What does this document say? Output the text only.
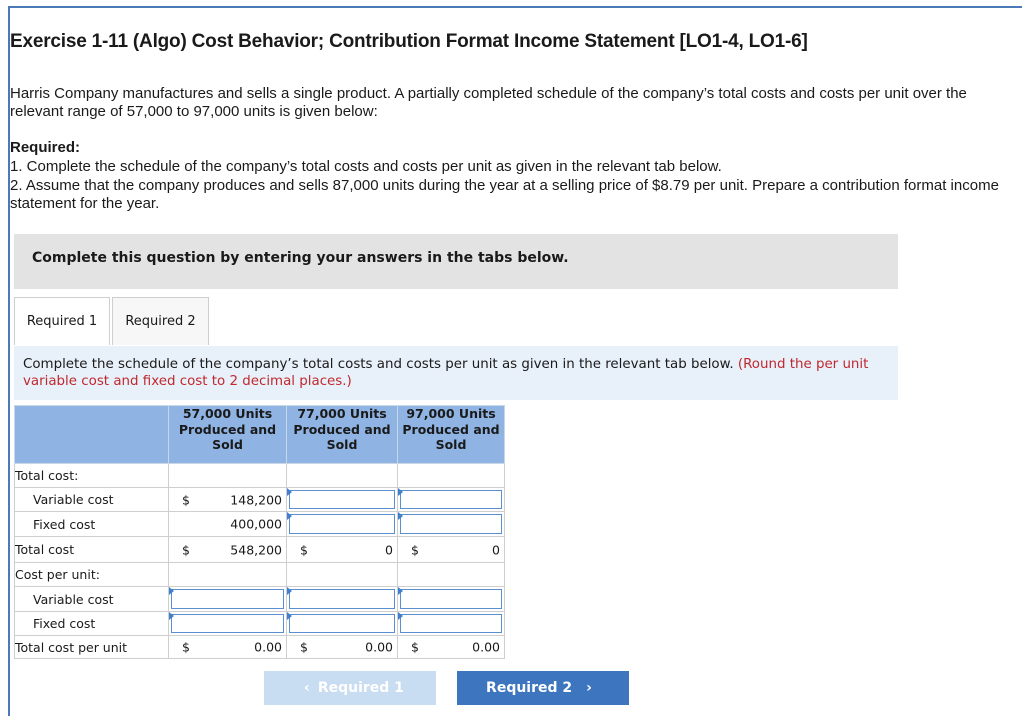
Exercise 1-11 (Algo) Cost Behavior; Contribution Format Income Statement [LO1-4, LO1-6]

Harris Company manufactures and sells a single product. A partially completed schedule of the company’s total costs and costs per unit over the relevant range of 57,000 to 97,000 units is given below:

Required:

1. Complete the schedule of the company’s total costs and costs per unit as given in the relevant tab below.

2. Assume that the company produces and sells 87,000 units during the year at a selling price of $8.79 per unit. Prepare a contribution format income statement for the year.

Complete this question by entering your answers in the tabs below.
Required 1	Required 2
Complete the schedule of the company’s total costs and costs per unit as given in the relevant tab below. (Round the per unit variable cost and fixed cost to 2 decimal places.)
	57,000 Units Produced and Sold	77,000 Units Produced and Sold	97,000 Units Produced and Sold
Total cost:			
Variable cost	$ 148,200		

Fixed cost	400,000		

Total cost	$ 548,200	$ 0	$ 0

Cost per unit:			
Variable cost	

Fixed cost	

Total cost per unit	$ 0.00	$ 0.00	$ 0.00
‹ Required 1	Required 2 ›
